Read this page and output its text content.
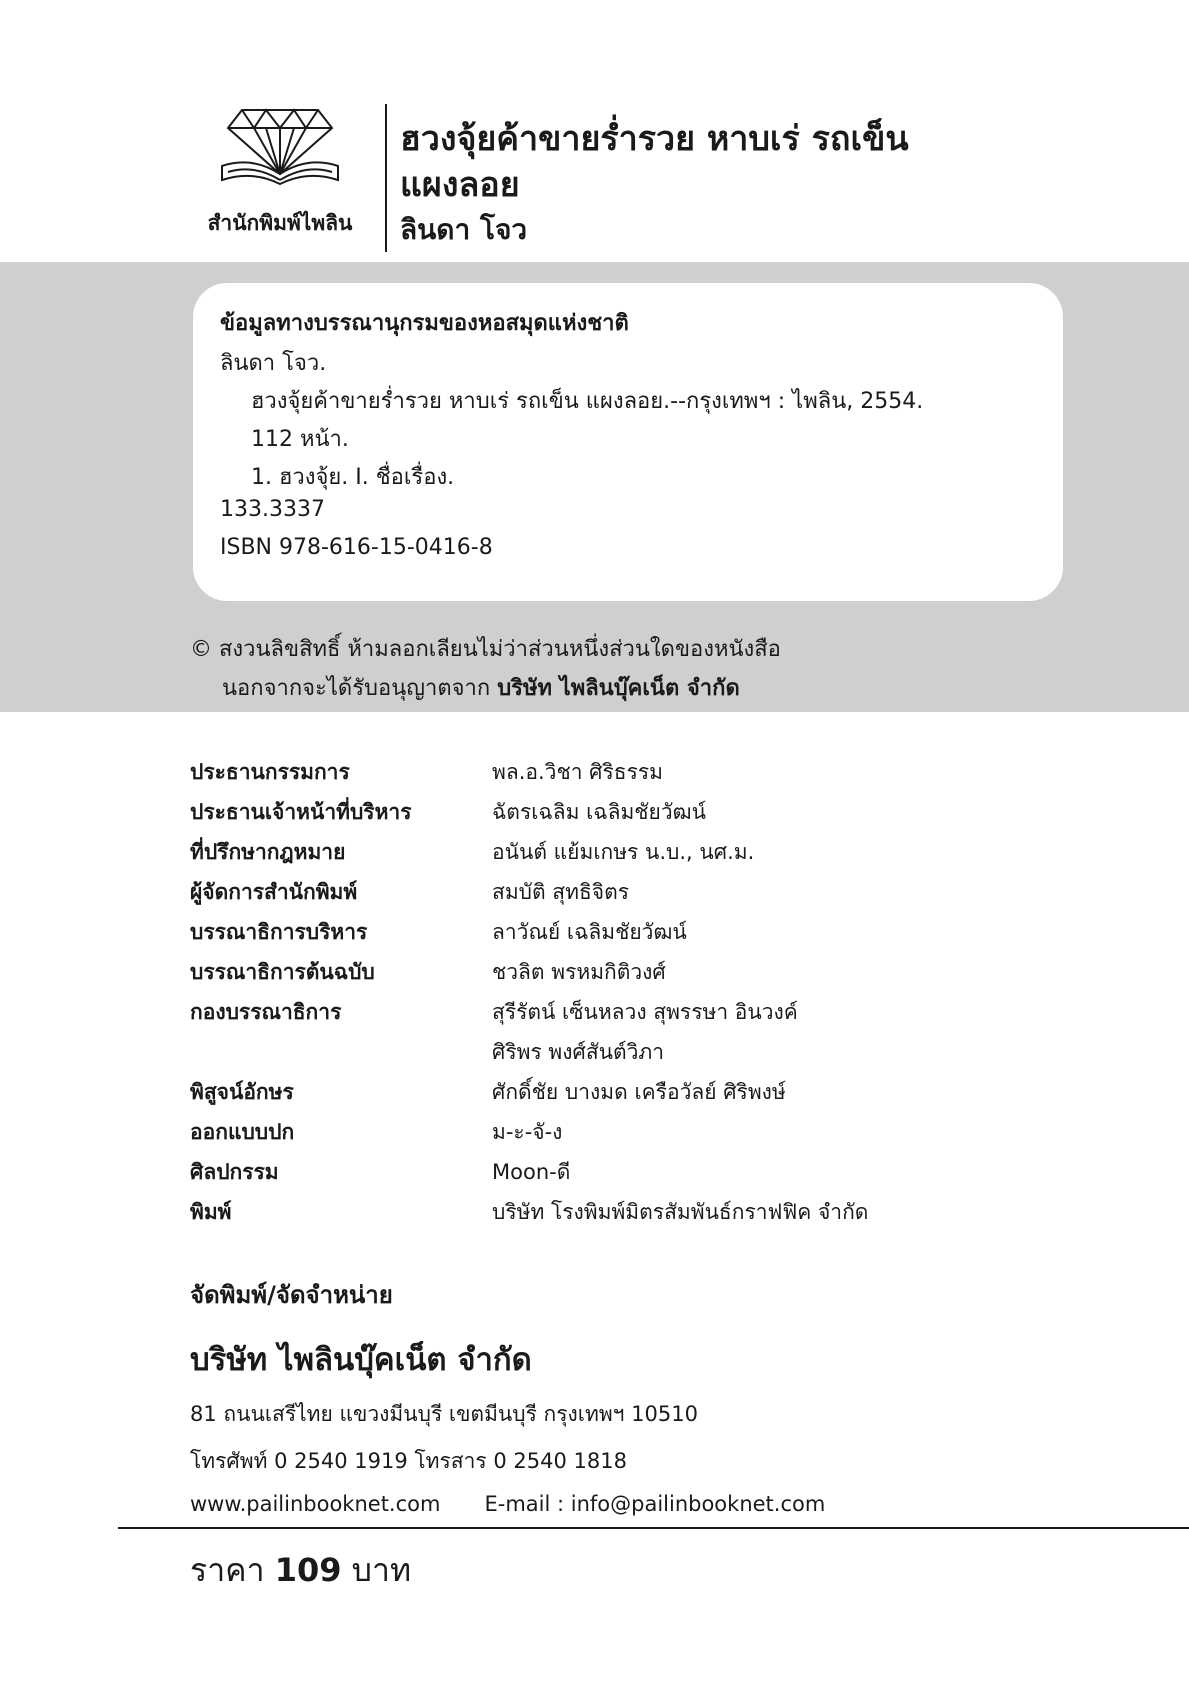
สำนักพิมพ์ไพลิน
ฮวงจุ้ยค้าขายร่ำรวย หาบเร่ รถเข็น แผงลอย
ลินดา โจว
ข้อมูลทางบรรณานุกรมของหอสมุดแห่งชาติ
ลินดา โจว.
ฮวงจุ้ยค้าขายร่ำรวย หาบเร่ รถเข็น แผงลอย.--กรุงเทพฯ : ไพลิน, 2554.
112 หน้า.
1. ฮวงจุ้ย. I. ชื่อเรื่อง.
133.3337
ISBN 978-616-15-0416-8
© สงวนลิขสิทธิ์ ห้ามลอกเลียนไม่ว่าส่วนหนึ่งส่วนใดของหนังสือ
นอกจากจะได้รับอนุญาตจาก บริษัท ไพลินบุ๊คเน็ต จำกัด
ประธานกรรมการ	พล.อ.วิชา ศิริธรรม
ประธานเจ้าหน้าที่บริหาร	ฉัตรเฉลิม เฉลิมชัยวัฒน์
ที่ปรึกษากฎหมาย	อนันต์ แย้มเกษร น.บ., นศ.ม.
ผู้จัดการสำนักพิมพ์	สมบัติ สุทธิจิตร
บรรณาธิการบริหาร	ลาวัณย์ เฉลิมชัยวัฒน์
บรรณาธิการต้นฉบับ	ชวลิต พรหมกิติวงศ์
กองบรรณาธิการ	สุรีรัตน์ เซ็นหลวง สุพรรษา อินวงค์
ศิริพร พงศ์สันต์วิภา
พิสูจน์อักษร	ศักดิ์ชัย บางมด เครือวัลย์ ศิริพงษ์
ออกแบบปก	ม-ะ-จั-ง
ศิลปกรรม	Moon-ดี
พิมพ์	บริษัท โรงพิมพ์มิตรสัมพันธ์กราฟฟิค จำกัด
จัดพิมพ์/จัดจำหน่าย
บริษัท ไพลินบุ๊คเน็ต จำกัด
81 ถนนเสรีไทย แขวงมีนบุรี เขตมีนบุรี กรุงเทพฯ 10510
โทรศัพท์ 0 2540 1919 โทรสาร 0 2540 1818
www.pailinbooknet.com E-mail : info@pailinbooknet.com
ราคา 109 บาท
